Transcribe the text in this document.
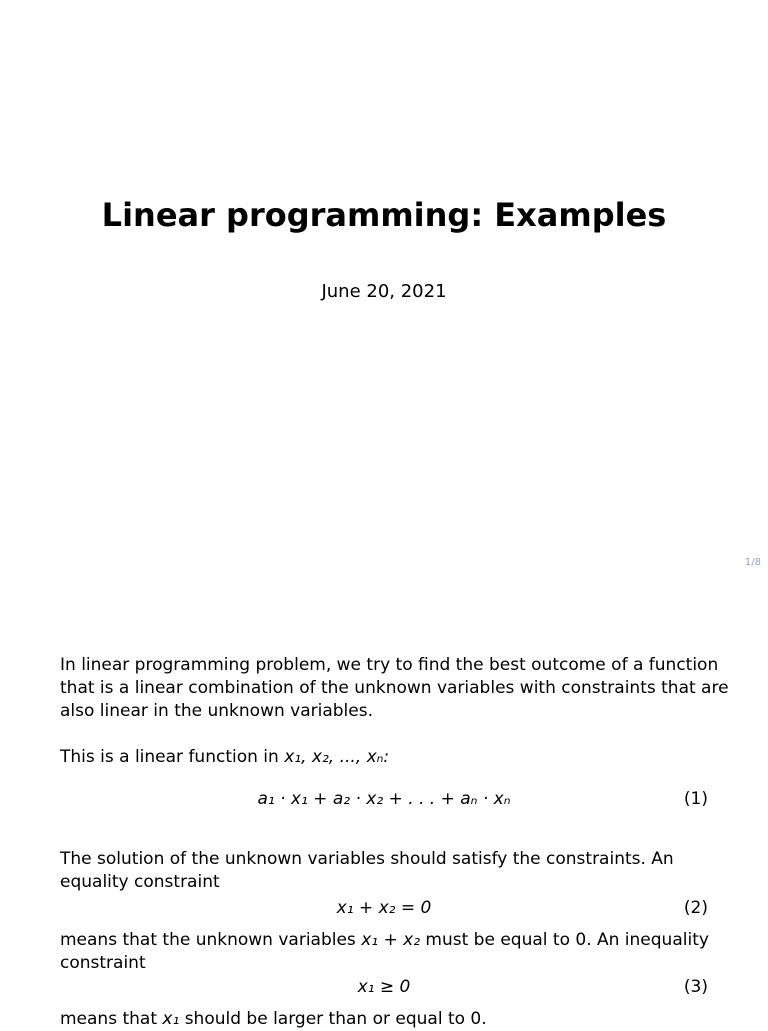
Linear programming: Examples
June 20, 2021
1/8
In linear programming problem, we try to find the best outcome of a function
that is a linear combination of the unknown variables with constraints that are
also linear in the unknown variables.
This is a linear function in x₁, x₂, ..., xₙ:
a₁ · x₁ + a₂ · x₂ + . . . + aₙ · xₙ	(1)
The solution of the unknown variables should satisfy the constraints. An
equality constraint
x₁ + x₂ = 0	(2)
means that the unknown variables x₁ + x₂ must be equal to 0. An inequality
constraint
x₁ ≥ 0	(3)
means that x₁ should be larger than or equal to 0.
